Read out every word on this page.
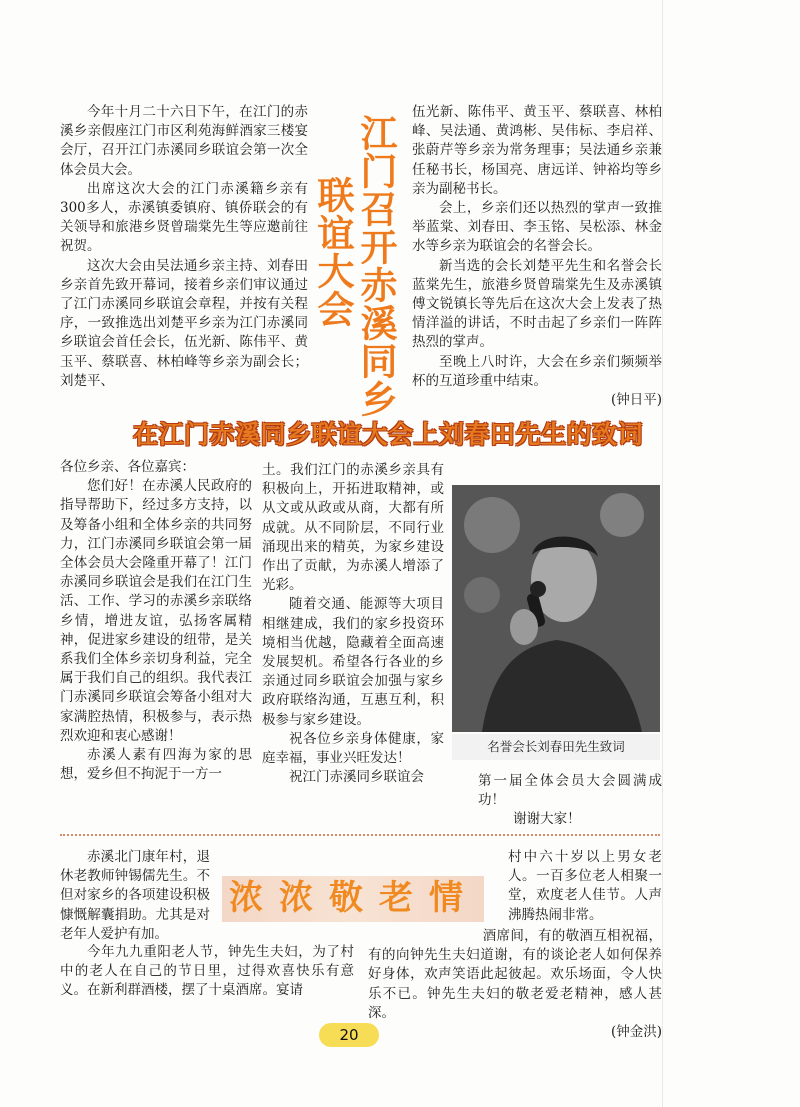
今年十月二十六日下午，在江门的赤溪乡亲假座江门市区利苑海鲜酒家三楼宴会厅，召开江门赤溪同乡联谊会第一次全体会员大会。

出席这次大会的江门赤溪籍乡亲有300多人，赤溪镇委镇府、镇侨联会的有关领导和旅港乡贤曾瑞棠先生等应邀前往祝贺。

这次大会由吴法通乡亲主持、刘春田乡亲首先致开幕词，接着乡亲们审议通过了江门赤溪同乡联谊会章程，并按有关程序，一致推选出刘楚平乡亲为江门赤溪同乡联谊会首任会长，伍光新、陈伟平、黄玉平、蔡联喜、林柏峰等乡亲为副会长；刘楚平、	江门召开赤溪同乡
联谊大会

伍光新、陈伟平、黄玉平、蔡联喜、林柏峰、吴法通、黄鸿彬、吴伟标、李启祥、张蔚芹等乡亲为常务理事；吴法通乡亲兼任秘书长，杨国亮、唐远详、钟裕均等乡亲为副秘书长。

会上，乡亲们还以热烈的掌声一致推举蓝棠、刘春田、李玉铭、吴松添、林金水等乡亲为联谊会的名誉会长。

新当选的会长刘楚平先生和名誉会长蓝棠先生，旅港乡贤曾瑞棠先生及赤溪镇傅文锐镇长等先后在这次大会上发表了热情洋溢的讲话，不时击起了乡亲们一阵阵热烈的掌声。

至晚上八时许，大会在乡亲们频频举杯的互道珍重中结束。

(钟日平)

在江门赤溪同乡联谊大会上刘春田先生的致词

各位乡亲、各位嘉宾：

您们好！在赤溪人民政府的指导帮助下，经过多方支持，以及筹备小组和全体乡亲的共同努力，江门赤溪同乡联谊会第一届全体会员大会隆重开幕了！江门赤溪同乡联谊会是我们在江门生活、工作、学习的赤溪乡亲联络乡情，增进友谊，弘扬客属精神，促进家乡建设的纽带，是关系我们全体乡亲切身利益，完全属于我们自己的组织。我代表江门赤溪同乡联谊会筹备小组对大家满腔热情，积极参与，表示热烈欢迎和衷心感谢！

赤溪人素有四海为家的思想，爱乡但不拘泥于一方一

土。我们江门的赤溪乡亲具有积极向上，开拓进取精神，或从文或从政或从商，大都有所成就。从不同阶层，不同行业涌现出来的精英，为家乡建设作出了贡献，为赤溪人增添了光彩。

随着交通、能源等大项目相继建成，我们的家乡投资环境相当优越，隐藏着全面高速发展契机。希望各行各业的乡亲通过同乡联谊会加强与家乡政府联络沟通，互惠互利，积极参与家乡建设。

祝各位乡亲身体健康，家庭幸福，事业兴旺发达！

祝江门赤溪同乡联谊会

名誉会长刘春田先生致词

第一届全体会员大会圆满成功！

谢谢大家！

赤溪北门康年村，退休老教师钟锡儒先生。不但对家乡的各项建设积极慷慨解囊捐助。尤其是对老年人爱护有加。

浓浓敬老情

村中六十岁以上男女老人。一百多位老人相聚一堂，欢度老人佳节。人声沸腾热闹非常。

今年九九重阳老人节，钟先生夫妇，为了村中的老人在自己的节日里，过得欢喜快乐有意义。在新利群酒楼，摆了十桌酒席。宴请

酒席间，有的敬酒互相祝福，有的向钟先生夫妇道谢，有的谈论老人如何保养好身体，欢声笑语此起彼起。欢乐场面，令人快乐不已。钟先生夫妇的敬老爱老精神，感人甚深。

(钟金洪)

20
